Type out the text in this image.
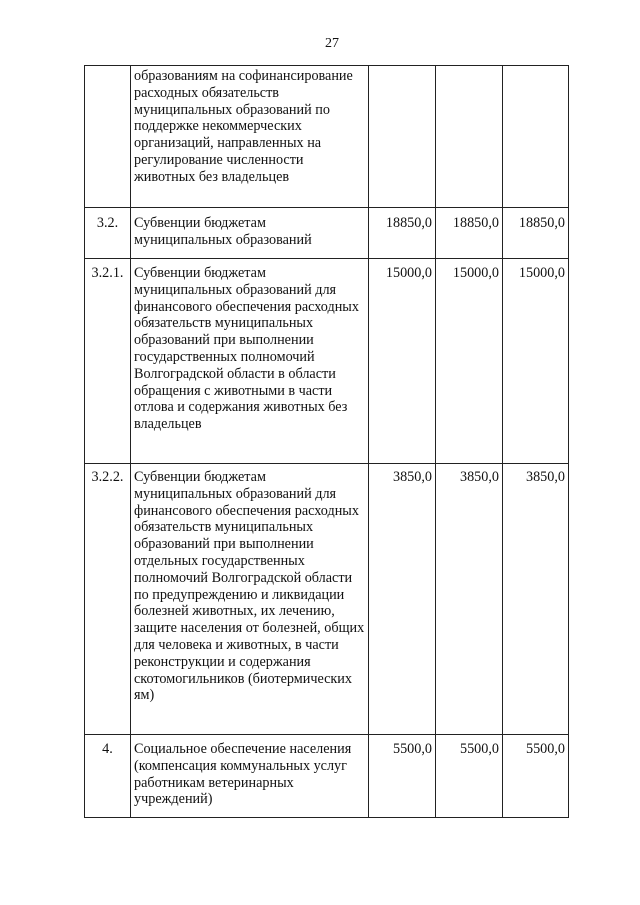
27
	образованиям на софинансирование расходных обязательств муниципальных образований по поддержке некоммерческих организаций, направленных на регулирование численности животных без владельцев			
3.2.	Субвенции бюджетам муниципальных образований	18850,0	18850,0	18850,0
3.2.1.	Субвенции бюджетам муниципальных образований для финансового обеспечения расходных обязательств муниципальных образований при выполнении государственных полномочий Волгоградской области в области обращения с животными в части отлова и содержания животных без владельцев	15000,0	15000,0	15000,0
3.2.2.	Субвенции бюджетам муниципальных образований для финансового обеспечения расходных обязательств муниципальных образований при выполнении отдельных государственных полномочий Волгоградской области по предупреждению и ликвидации болезней животных, их лечению, защите населения от болезней, общих для человека и животных, в части реконструкции и содержания скотомогильников (биотермических ям)	3850,0	3850,0	3850,0
4.	Социальное обеспечение населения (компенсация коммунальных услуг работникам ветеринарных учреждений)	5500,0	5500,0	5500,0
